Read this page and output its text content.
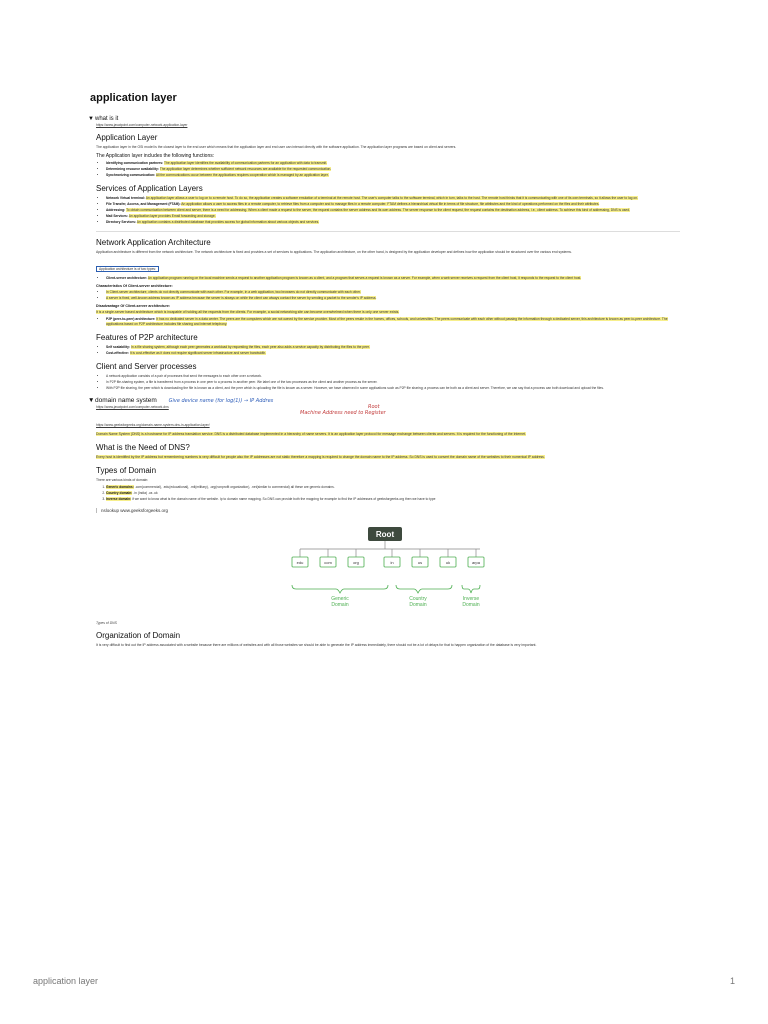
application layer
▼what is it
https://www.javatpoint.com/computer-network-application-layer
Application Layer

The application layer in the OSI model is the closest layer to the end user which means that the application layer and end user can interact directly with the software application. The application layer programs are based on client and servers.

The Application layer includes the following functions:
• Identifying communication partners: The application layer identifies the availability of communication partners for an application with data to transmit.
• Determining resource availability: The application layer determines whether sufficient network resources are available for the requested communication.
• Synchronizing communication: All the communications occur between the applications requires cooperation which is managed by an application layer.
Services of Application Layers
• Network Virtual terminal: An application layer allows a user to log on to a remote host. To do so, the application creates a software emulation of a terminal at the remote host. The user's computer talks to the software terminal, which in turn, talks to the host. The remote host thinks that it is communicating with one of its own terminals, so it allows the user to log on.
• File Transfer, Access, and Management (FTAM): An application allows a user to access files in a remote computer, to retrieve files from a computer and to manage files in a remote computer. FTAM defines a hierarchical virtual file in terms of file structure, file attributes and the kind of operations performed on the files and their attributes.
• Addressing: To obtain communication between client and server, there is a need for addressing. When a client made a request to the server, the request contains the server address and its own address. The server response to the client request, the request contains the destination address, i.e., client address. To achieve this kind of addressing, DNS is used.
• Mail Services: An application layer provides Email forwarding and storage.
• Directory Services: An application contains a distributed database that provides access for global information about various objects and services.
Network Application Architecture

Application architecture is different from the network architecture. The network architecture is fixed and provides a set of services to applications. The application architecture, on the other hand, is designed by the application developer and defines how the application should be structured over the various end systems.

Application architecture is of two types:
• Client-server architecture: An application program running on the local machine sends a request to another application program is known as a client, and a program that serves a request is known as a server. For example, when a web server receives a request from the client host, it responds to the request to the client host.
Characteristics Of Client-server architecture:
• In Client-server architecture, clients do not directly communicate with each other. For example, in a web application, two browsers do not directly communicate with each other.
• A server is fixed, well-known address known as IP address because the server is always on while the client can always contact the server by sending a packet to the sender's IP address.
Disadvantage Of Client-server architecture:

It is a single-server based architecture which is incapable of holding all the requests from the clients. For example, a social networking site can become overwhelmed when there is only one server exists.

• P2P (peer-to-peer) architecture: It has no dedicated server in a data center. The peers are the computers which are not owned by the service provider. Most of the peers reside in the homes, offices, schools, and universities. The peers communicate with each other without passing the information through a dedicated server, this architecture is known as peer-to-peer architecture. The applications based on P2P architecture includes file sharing and internet telephony.
Features of P2P architecture
• Self scalability: In a file sharing system, although each peer generates a workload by requesting the files, each peer also adds a service capacity by distributing the files to the peer.
• Cost-effective: It is cost-effective as it does not require significant server infrastructure and server bandwidth.
Client and Server processes
• A network application consists of a pair of processes that send the messages to each other over a network.
• In P2P file-sharing system, a file is transferred from a process in one peer to a process in another peer. We label one of the two processes as the client and another process as the server.
• With P2P file sharing, the peer which is downloading the file is known as a client, and the peer which is uploading the file is known as a server. However, we have observed in some applications such as P2P file sharing; a process can be both as a client and server. Therefore, we can say that a process can both download and upload the files.
▼domain name system Give device name (for log(1)) → IP Addres
https://www.javatpoint.com/computer-network-dns
Machine Address need to Register
Root
https://www.geeksforgeeks.org/domain-name-system-dns-in-application-layer/

Domain Name System (DNS) is a hostname for IP address translation service. DNS is a distributed database implemented in a hierarchy of name servers. It is an application layer protocol for message exchange between clients and servers. It is required for the functioning of the Internet.

What is the Need of DNS?

Every host is identified by the IP address but remembering numbers is very difficult for people also the IP addresses are not static therefore a mapping is required to change the domain name to the IP address. So DNS is used to convert the domain name of the websites to their numerical IP address.

Types of Domain

There are various kinds of domain:

1. Generic domains: .com(commercial), .edu(educational), .mil(military), .org(nonprofit organization), .net(similar to commercial) all these are generic domains.
2. Country domain: .in (India) .us .uk
3. Inverse domain: if we want to know what is the domain name of the website. Ip to domain name mapping. So DNS can provide both the mapping for example to find the IP addresses of geeksforgeeks.org then we have to type
nslookup www.geeksforgeeks.org
Root
edu	com	org	in	us	uk	arpa
Generic Domain
Country Domain
Inverse Domain
Types of DNS
Organization of Domain

It is very difficult to find out the IP address associated with a website because there are millions of websites and with all those websites we should be able to generate the IP address immediately, there should not be a lot of delays for that to happen organization of the database is very important.

application layer	1
